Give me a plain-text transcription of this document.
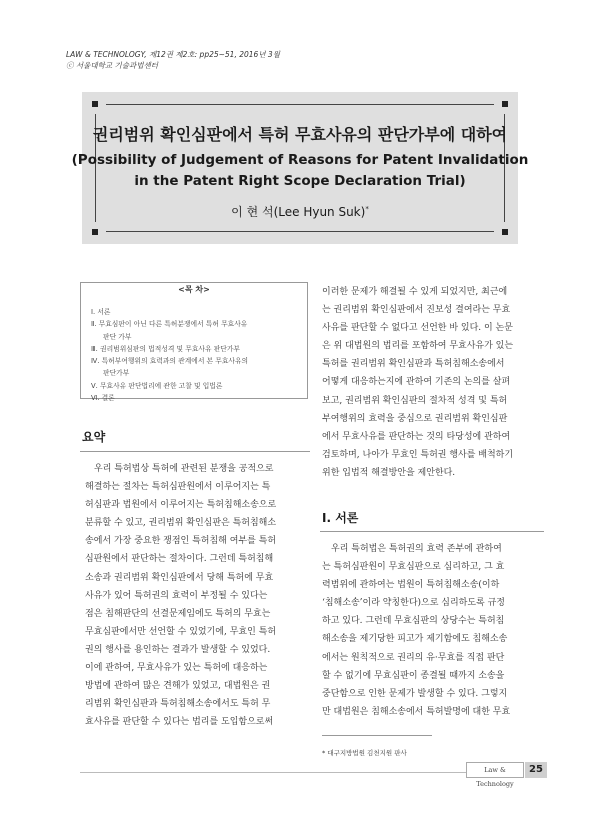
LAW & TECHNOLOGY, 제12권 제2호: pp25~51, 2016년 3월
ⓒ 서울대학교 기술과법센터
권리범위 확인심판에서 특허 무효사유의 판단가부에 대하여
(Possibility of Judgement of Reasons for Patent Invalidation
in the Patent Right Scope Declaration Trial)
이 현 석(Lee Hyun Suk)*
<목 차>
Ⅰ. 서론
Ⅱ. 무효심판이 아닌 다른 특허분쟁에서 특허 무효사유
판단 가부
Ⅲ. 권리범위심판의 법적성격 및 무효사유 판단가부
Ⅳ. 특허부여행위의 효력과의 관계에서 본 무효사유의
판단가부
Ⅴ. 무효사유 판단법리에 관한 고찰 및 입법론
Ⅵ. 결론
요약
우리 특허법상 특허에 관련된 분쟁을 공적으로
해결하는 절차는 특허심판원에서 이루어지는 특
허심판과 법원에서 이루어지는 특허침해소송으로
분류할 수 있고, 권리범위 확인심판은 특허침해소
송에서 가장 중요한 쟁점인 특허침해 여부를 특허
심판원에서 판단하는 절차이다. 그런데 특허침해
소송과 권리범위 확인심판에서 당해 특허에 무효
사유가 있어 특허권의 효력이 부정될 수 있다는
점은 침해판단의 선결문제임에도 특허의 무효는
무효심판에서만 선언할 수 있었기에, 무효인 특허
권의 행사를 용인하는 결과가 발생할 수 있었다.
이에 관하여, 무효사유가 있는 특허에 대응하는
방법에 관하여 많은 견해가 있었고, 대법원은 권
리범위 확인심판과 특허침해소송에서도 특허 무
효사유를 판단할 수 있다는 법리를 도입함으로써
이러한 문제가 해결될 수 있게 되었지만, 최근에
는 권리범위 확인심판에서 진보성 결여라는 무효
사유를 판단할 수 없다고 선언한 바 있다. 이 논문
은 위 대법원의 법리를 포함하여 무효사유가 있는
특허를 권리범위 확인심판과 특허침해소송에서
어떻게 대응하는지에 관하여 기존의 논의를 살펴
보고, 권리범위 확인심판의 절차적 성격 및 특허
부여행위의 효력을 중심으로 권리범위 확인심판
에서 무효사유를 판단하는 것의 타당성에 관하여
검토하며, 나아가 무효인 특허권 행사를 배척하기
위한 입법적 해결방안을 제안한다.
Ⅰ. 서론
우리 특허법은 특허권의 효력 존부에 관하여
는 특허심판원이 무효심판으로 심리하고, 그 효
력범위에 관하여는 법원이 특허침해소송(이하
‘침해소송’이라 약칭한다)으로 심리하도록 규정
하고 있다. 그런데 무효심판의 상당수는 특허침
해소송을 제기당한 피고가 제기함에도 침해소송
에서는 원칙적으로 권리의 유·무효를 직접 판단
할 수 없기에 무효심판이 종결될 때까지 소송을
중단함으로 인한 문제가 발생할 수 있다. 그렇지
만 대법원은 침해소송에서 특허발명에 대한 무효
* 대구지방법원 김천지원 판사
Law & Technology
25
